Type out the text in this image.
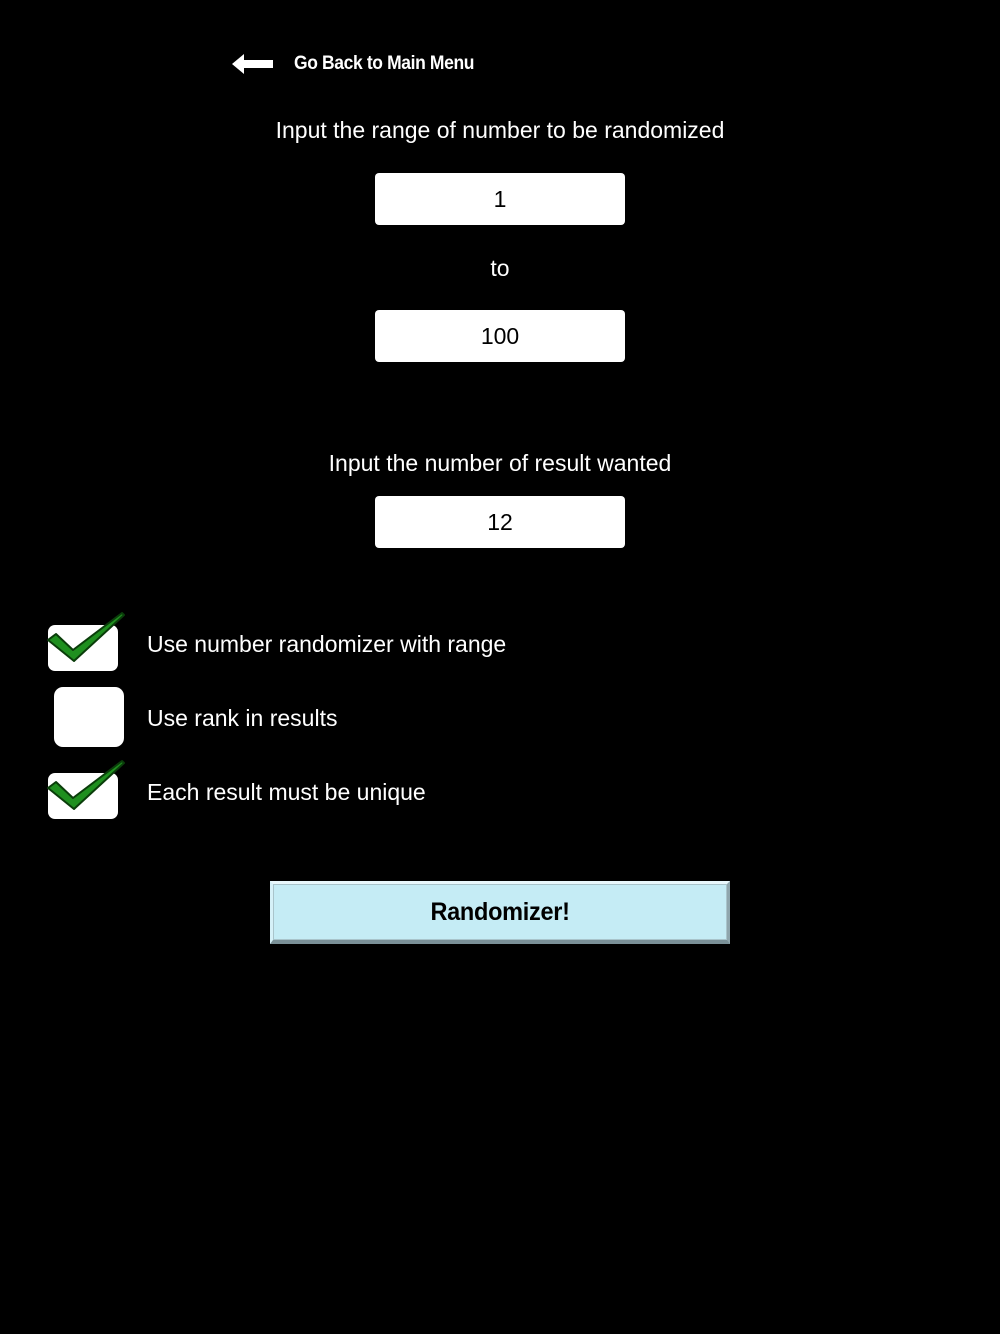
Go Back to Main Menu
Input the range of number to be randomized
1
to
100
Input the number of result wanted
12
Use number randomizer with range
Use rank in results
Each result must be unique
Randomizer!
